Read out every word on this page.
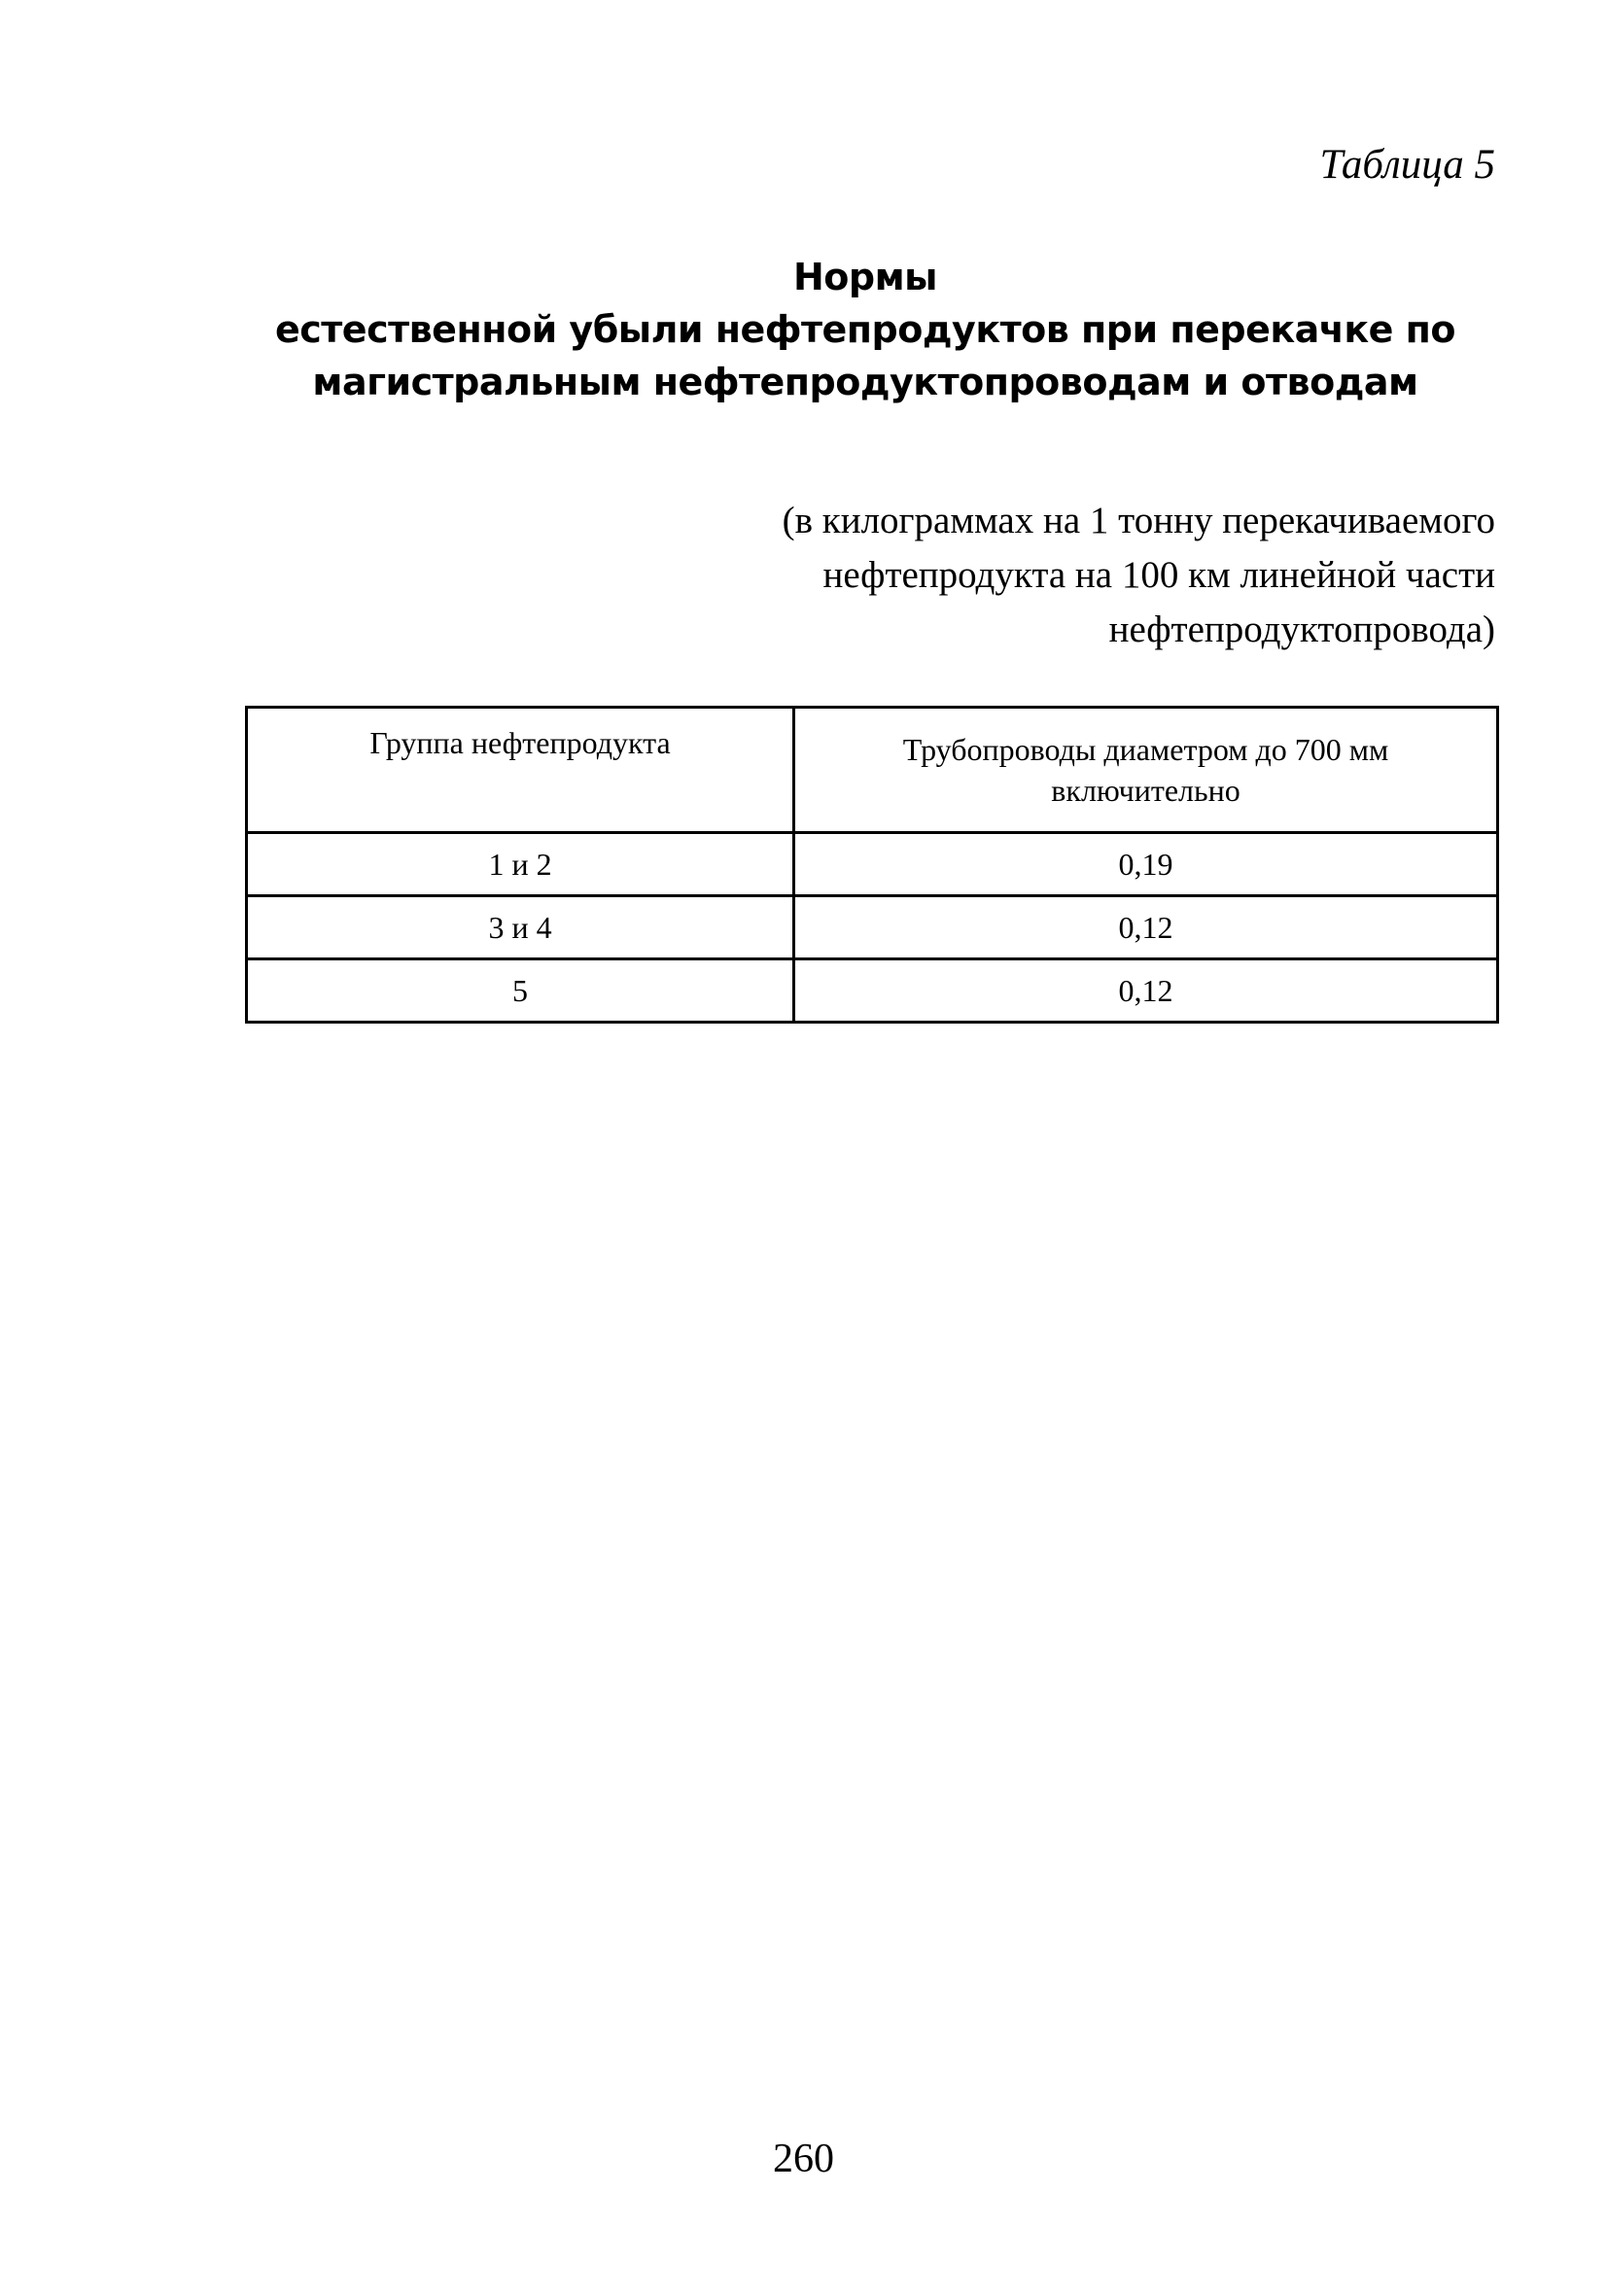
Таблица 5
Нормы
естественной убыли нефтепродуктов при перекачке по
магистральным нефтепродуктопроводам и отводам
(в килограммах на 1 тонну перекачиваемого
нефтепродукта на 100 км линейной части
нефтепродуктопровода)
Группа нефтепродукта	Трубопроводы диаметром до 700 мм включительно
1 и 2	0,19
3 и 4	0,12
5	0,12
260
